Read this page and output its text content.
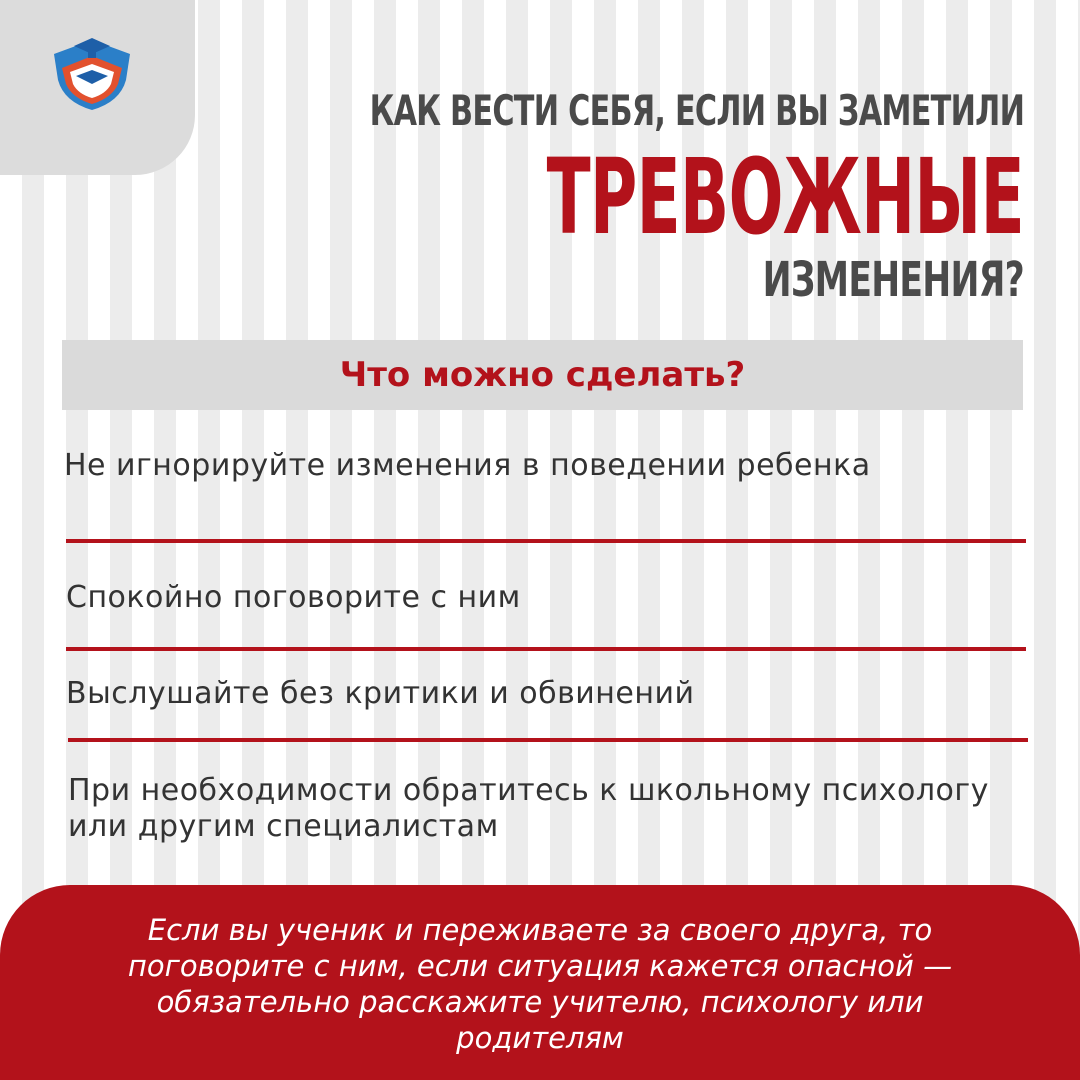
КАК ВЕСТИ СЕБЯ, ЕСЛИ ВЫ ЗАМЕТИЛИ
ТРЕВОЖНЫЕ
ИЗМЕНЕНИЯ?
Что можно сделать?
Не игнорируйте изменения в поведении ребенка
Спокойно поговорите с ним
Выслушайте без критики и обвинений
При необходимости обратитесь к школьному психологу или другим специалистам
Если вы ученик и переживаете за своего друга, то поговорите с ним, если ситуация кажется опасной — обязательно расскажите учителю, психологу или родителям
